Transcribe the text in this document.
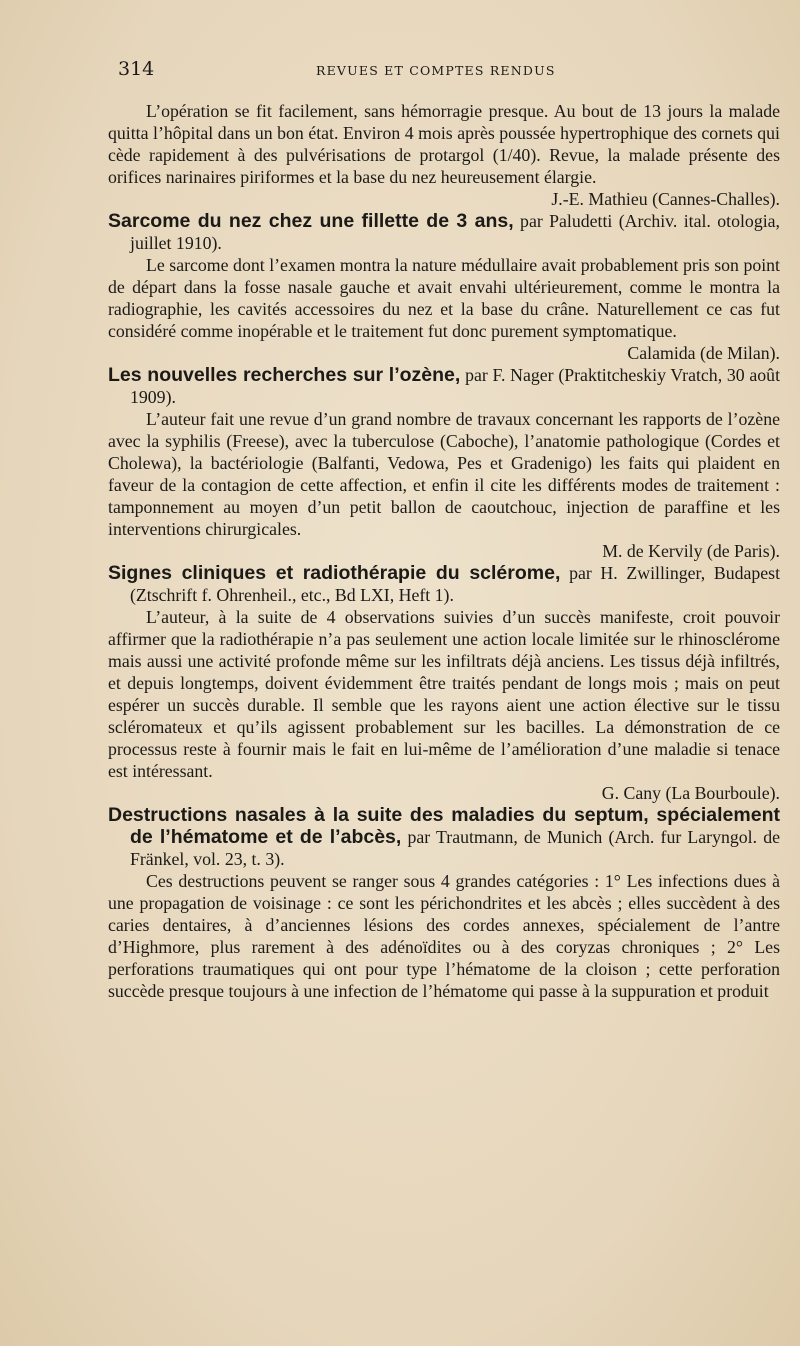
314	REVUES ET COMPTES RENDUS

L’opération se fit facilement, sans hémorragie presque. Au bout de 13 jours la malade quitta l’hôpital dans un bon état. Environ 4 mois après poussée hypertrophique des cornets qui cède rapidement à des pulvérisations de protargol (1/40). Revue, la malade présente des orifices narinaires piriformes et la base du nez heureusement élargie.
J.-E. Mathieu (Cannes-Challes).

Sarcome du nez chez une fillette de 3 ans, par Paludetti (Archiv. ital. otologia, juillet 1910).

Le sarcome dont l’examen montra la nature médullaire avait probablement pris son point de départ dans la fosse nasale gauche et avait envahi ultérieurement, comme le montra la radiographie, les cavités accessoires du nez et la base du crâne. Naturellement ce cas fut considéré comme inopérable et le traitement fut donc purement symptomatique.
Calamida (de Milan).

Les nouvelles recherches sur l’ozène, par F. Nager (Praktitcheskiy Vratch, 30 août 1909).

L’auteur fait une revue d’un grand nombre de travaux concernant les rapports de l’ozène avec la syphilis (Freese), avec la tuberculose (Caboche), l’anatomie pathologique (Cordes et Cholewa), la bactériologie (Balfanti, Vedowa, Pes et Gradenigo) les faits qui plaident en faveur de la contagion de cette affection, et enfin il cite les différents modes de traitement : tamponnement au moyen d’un petit ballon de caoutchouc, injection de paraffine et les interventions chirurgicales.
M. de Kervily (de Paris).

Signes cliniques et radiothérapie du sclérome, par H. Zwillinger, Budapest (Ztschrift f. Ohrenheil., etc., Bd LXI, Heft 1).

L’auteur, à la suite de 4 observations suivies d’un succès manifeste, croit pouvoir affirmer que la radiothérapie n’a pas seulement une action locale limitée sur le rhinosclérome mais aussi une activité profonde même sur les infiltrats déjà anciens. Les tissus déjà infiltrés, et depuis longtemps, doivent évidemment être traités pendant de longs mois ; mais on peut espérer un succès durable. Il semble que les rayons aient une action élective sur le tissu scléromateux et qu’ils agissent probablement sur les bacilles. La démonstration de ce processus reste à fournir mais le fait en lui-même de l’amélioration d’une maladie si tenace est intéressant.
G. Cany (La Bourboule).

Destructions nasales à la suite des maladies du septum, spécialement de l’hématome et de l’abcès, par Trautmann, de Munich (Arch. fur Laryngol. de Fränkel, vol. 23, t. 3).

Ces destructions peuvent se ranger sous 4 grandes catégories : 1° Les infections dues à une propagation de voisinage : ce sont les périchondrites et les abcès ; elles succèdent à des caries dentaires, à d’anciennes lésions des cordes annexes, spécialement de l’antre d’Highmore, plus rarement à des adénoïdites ou à des coryzas chroniques ; 2° Les perforations traumatiques qui ont pour type l’hématome de la cloison ; cette perforation succède presque toujours à une infection de l’hématome qui passe à la suppuration et produit
